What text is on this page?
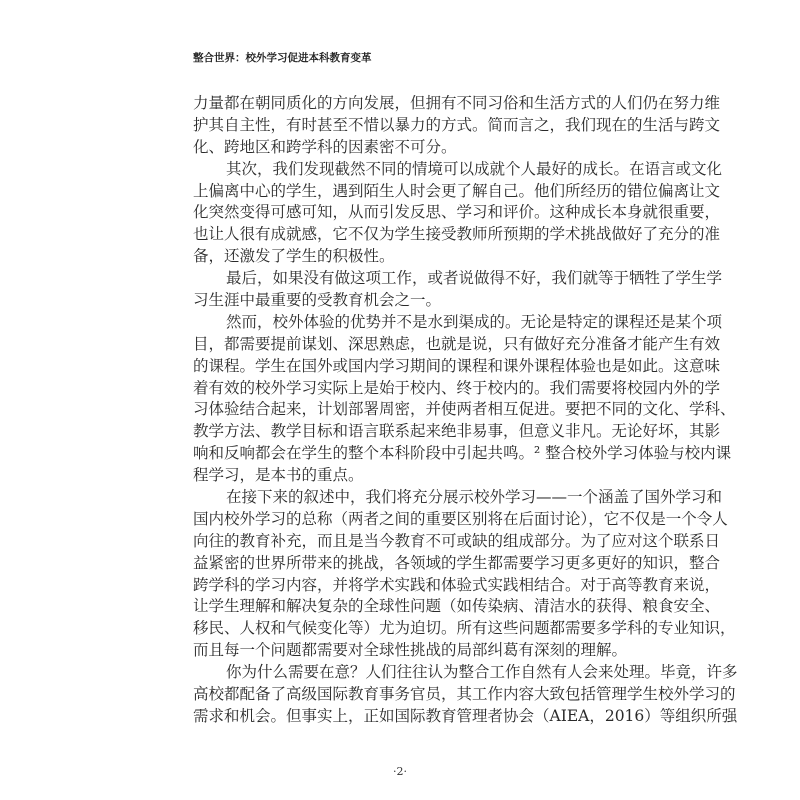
整合世界：校外学习促进本科教育变革
力量都在朝同质化的方向发展，但拥有不同习俗和生活方式的人们仍在努力维
护其自主性，有时甚至不惜以暴力的方式。简而言之，我们现在的生活与跨文
化、跨地区和跨学科的因素密不可分。
其次，我们发现截然不同的情境可以成就个人最好的成长。在语言或文化
上偏离中心的学生，遇到陌生人时会更了解自己。他们所经历的错位偏离让文
化突然变得可感可知，从而引发反思、学习和评价。这种成长本身就很重要，
也让人很有成就感，它不仅为学生接受教师所预期的学术挑战做好了充分的准
备，还激发了学生的积极性。
最后，如果没有做这项工作，或者说做得不好，我们就等于牺牲了学生学
习生涯中最重要的受教育机会之一。
然而，校外体验的优势并不是水到渠成的。无论是特定的课程还是某个项
目，都需要提前谋划、深思熟虑，也就是说，只有做好充分准备才能产生有效
的课程。学生在国外或国内学习期间的课程和课外课程体验也是如此。这意味
着有效的校外学习实际上是始于校内、终于校内的。我们需要将校园内外的学
习体验结合起来，计划部署周密，并使两者相互促进。要把不同的文化、学科、
教学方法、教学目标和语言联系起来绝非易事，但意义非凡。无论好坏，其影
响和反响都会在学生的整个本科阶段中引起共鸣。² 整合校外学习体验与校内课
程学习，是本书的重点。
在接下来的叙述中，我们将充分展示校外学习——一个涵盖了国外学习和
国内校外学习的总称（两者之间的重要区别将在后面讨论），它不仅是一个令人
向往的教育补充，而且是当今教育不可或缺的组成部分。为了应对这个联系日
益紧密的世界所带来的挑战，各领域的学生都需要学习更多更好的知识，整合
跨学科的学习内容，并将学术实践和体验式实践相结合。对于高等教育来说，
让学生理解和解决复杂的全球性问题（如传染病、清洁水的获得、粮食安全、
移民、人权和气候变化等）尤为迫切。所有这些问题都需要多学科的专业知识，
而且每一个问题都需要对全球性挑战的局部纠葛有深刻的理解。
你为什么需要在意？人们往往认为整合工作自然有人会来处理。毕竟，许多
高校都配备了高级国际教育事务官员，其工作内容大致包括管理学生校外学习的
需求和机会。但事实上，正如国际教育管理者协会（AIEA，2016）等组织所强
·2·
